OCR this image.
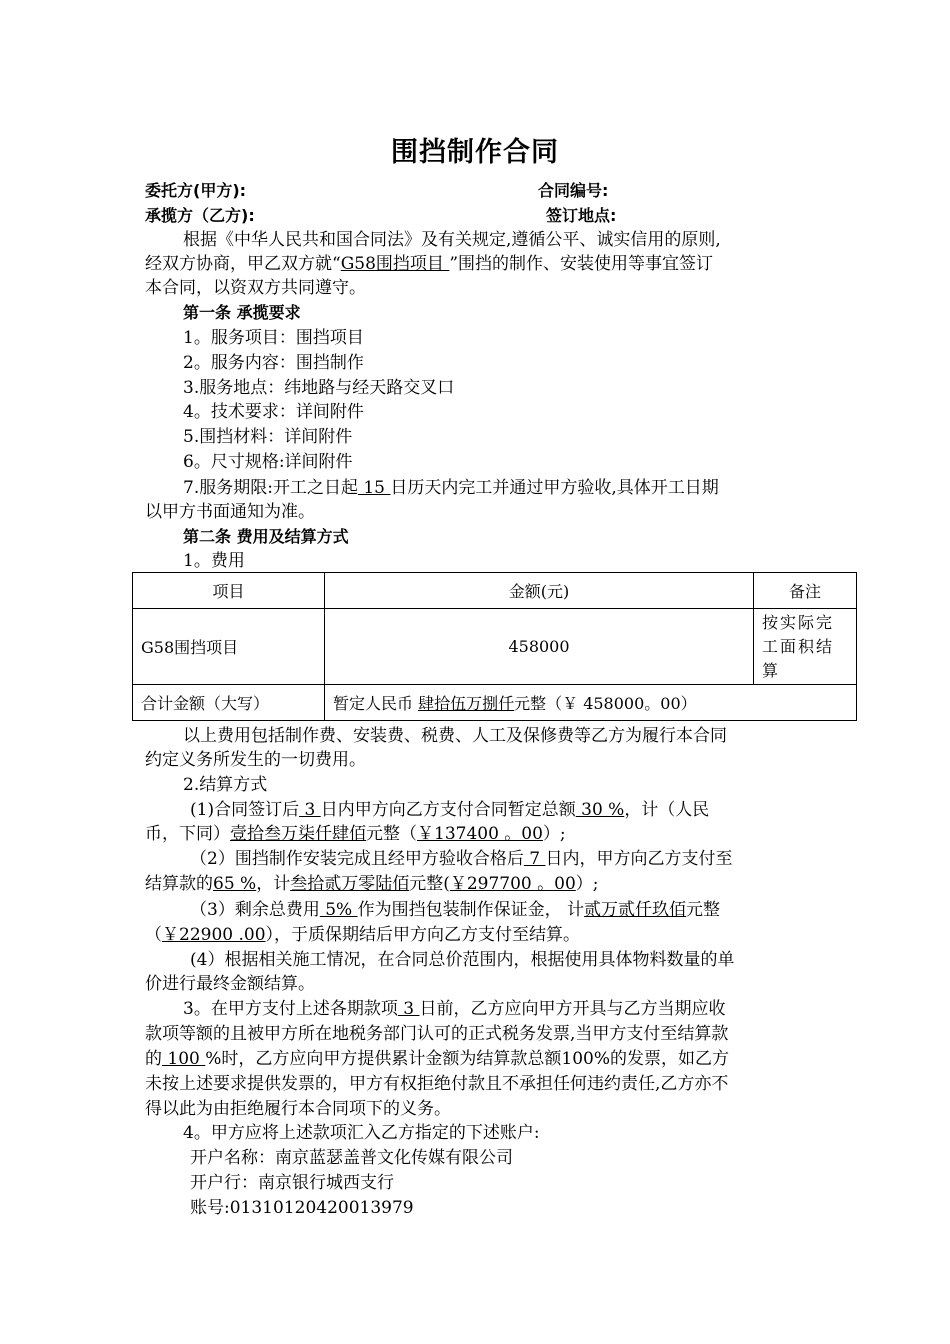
围挡制作合同
委托方(甲方):	合同编号:
承揽方（乙方):	签订地点:
根据《中华人民共和国合同法》及有关规定,遵循公平、诚实信用的原则,
经双方协商，甲乙双方就“G58围挡项目 ”围挡的制作、安装使用等事宜签订
本合同，以资双方共同遵守。
第一条 承揽要求
1。服务项目：围挡项目
2。服务内容：围挡制作
3.服务地点：纬地路与经天路交叉口
4。技术要求：详间附件
5.围挡材料：详间附件
6。尺寸规格:详间附件
7.服务期限:开工之日起 15 日历天内完工并通过甲方验收,具体开工日期
以甲方书面通知为准。
第二条 费用及结算方式
1。费用
项目	金额(元)	备注
G58围挡项目	458000	按实际完工面积结算
合计金额（大写）	暂定人民币 肆拾伍万捌仟元整（￥ 458000。00）	
以上费用包括制作费、安装费、税费、人工及保修费等乙方为履行本合同
约定义务所发生的一切费用。
2.结算方式
(1)合同签订后 3 日内甲方向乙方支付合同暂定总额 30 %，计（人民
币，下同）壹拾叁万柒仟肆佰元整（￥137400 。00）;
（2）围挡制作安装完成且经甲方验收合格后 7 日内，甲方向乙方支付至
结算款的65 %，计叁拾贰万零陆佰元整(￥297700 。00）;
（3）剩余总费用 5% 作为围挡包装制作保证金， 计贰万贰仟玖佰元整
（￥22900 .00），于质保期结后甲方向乙方支付至结算。
(4）根据相关施工情况，在合同总价范围内，根据使用具体物料数量的单
价进行最终金额结算。
3。在甲方支付上述各期款项 3 日前，乙方应向甲方开具与乙方当期应收
款项等额的且被甲方所在地税务部门认可的正式税务发票,当甲方支付至结算款
的 100 %时，乙方应向甲方提供累计金额为结算款总额100%的发票，如乙方
未按上述要求提供发票的，甲方有权拒绝付款且不承担任何违约责任,乙方亦不
得以此为由拒绝履行本合同项下的义务。
4。甲方应将上述款项汇入乙方指定的下述账户:
开户名称：南京蓝瑟盖普文化传媒有限公司
开户行：南京银行城西支行
账号:01310120420013979
